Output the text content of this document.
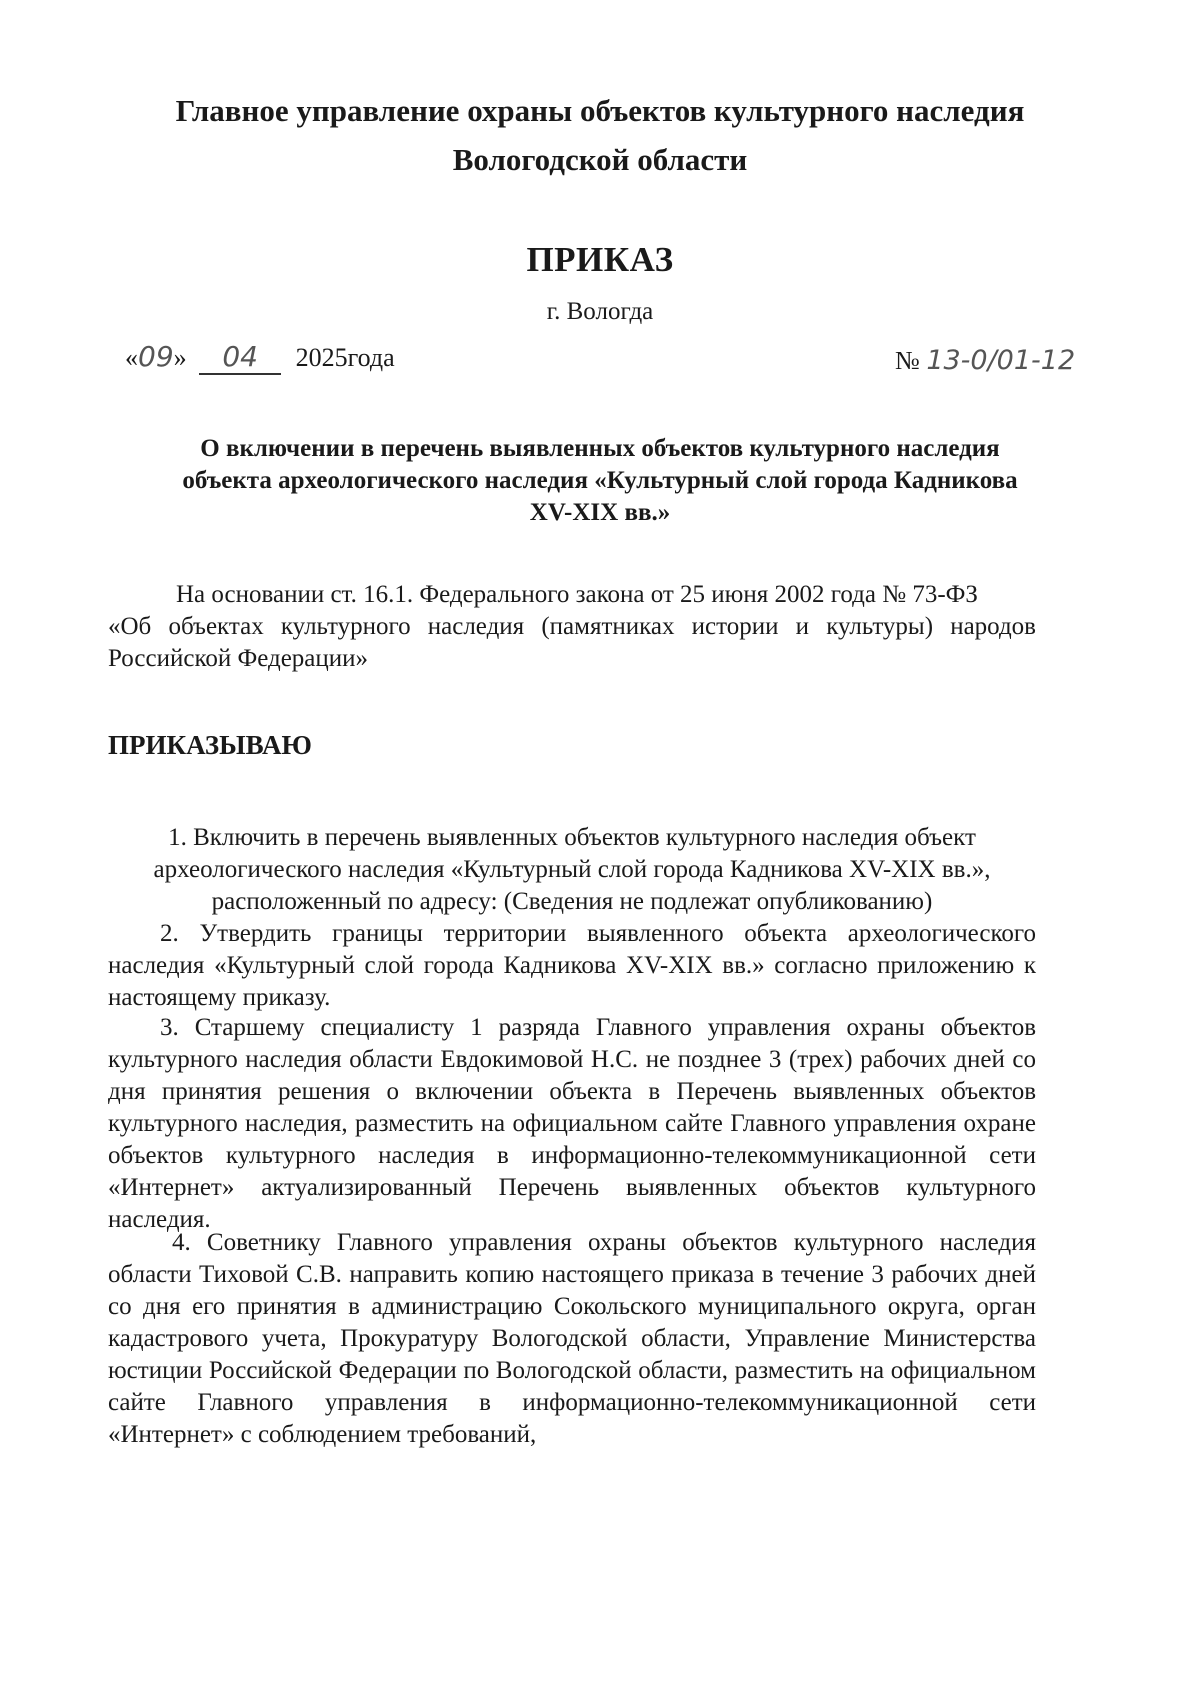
Главное управление охраны объектов культурного наследия
Вологодской области
ПРИКАЗ
г. Вологда
«09» 04 2025года	№ 13-0/01-12
О включении в перечень выявленных объектов культурного наследия
объекта археологического наследия «Культурный слой города Кадникова
XV-XIX вв.»
На основании ст. 16.1. Федерального закона от 25 июня 2002 года № 73-ФЗ
«Об объектах культурного наследия (памятниках истории и культуры) народов
Российской Федерации»
ПРИКАЗЫВАЮ
1. Включить в перечень выявленных объектов культурного наследия объект
археологического наследия «Культурный слой города Кадникова XV-XIX вв.»,
расположенный по адресу: (Сведения не подлежат опубликованию)

2. Утвердить границы территории выявленного объекта археологического наследия «Культурный слой города Кадникова XV-XIX вв.» согласно приложению к настоящему приказу.

3. Старшему специалисту 1 разряда Главного управления охраны объектов культурного наследия области Евдокимовой Н.С. не позднее 3 (трех) рабочих дней со дня принятия решения о включении объекта в Перечень выявленных объектов культурного наследия, разместить на официальном сайте Главного управления охране объектов культурного наследия в информационно-телекоммуникационной сети «Интернет» актуализированный Перечень выявленных объектов культурного наследия.

4. Советнику Главного управления охраны объектов культурного наследия области Тиховой С.В. направить копию настоящего приказа в течение 3 рабочих дней со дня его принятия в администрацию Сокольского муниципального округа, орган кадастрового учета, Прокуратуру Вологодской области, Управление Министерства юстиции Российской Федерации по Вологодской области, разместить на официальном сайте Главного управления в информационно-телекоммуникационной сети «Интернет» с соблюдением требований,
